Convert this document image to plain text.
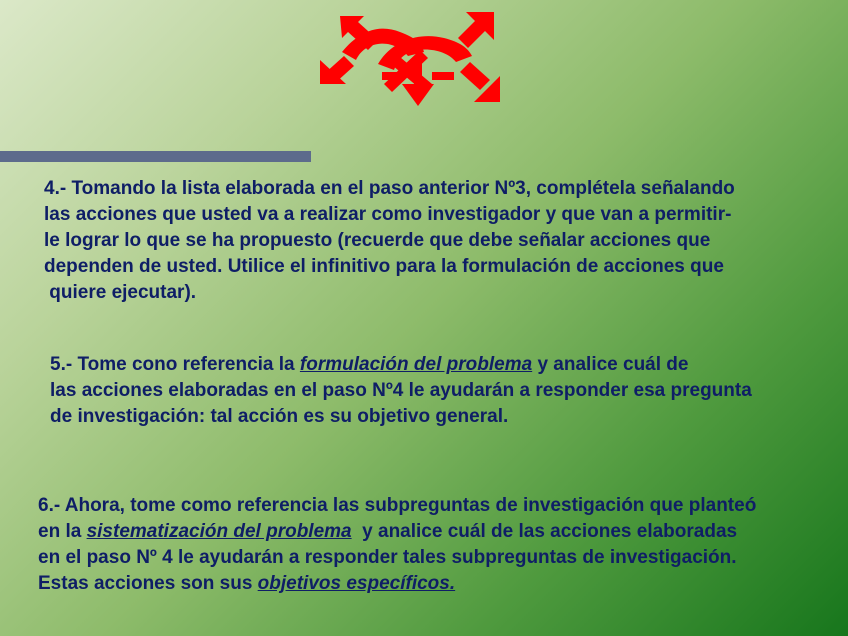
4.- Tomando la lista elaborada en el paso anterior Nº3, complétela señalando
las acciones que usted va a realizar como investigador y que van a permitir-
le lograr lo que se ha propuesto (recuerde que debe señalar acciones que
dependen de usted. Utilice el infinitivo para la formulación de acciones que
quiere ejecutar).

5.- Tome cono referencia la formulación del problema y analice cuál de
las acciones elaboradas en el paso Nº4 le ayudarán a responder esa pregunta
de investigación: tal acción es su objetivo general.

6.- Ahora, tome como referencia las subpreguntas de investigación que planteó
en la sistematización del problema  y analice cuál de las acciones elaboradas
en el paso Nº 4 le ayudarán a responder tales subpreguntas de investigación.
Estas acciones son sus objetivos específicos.
